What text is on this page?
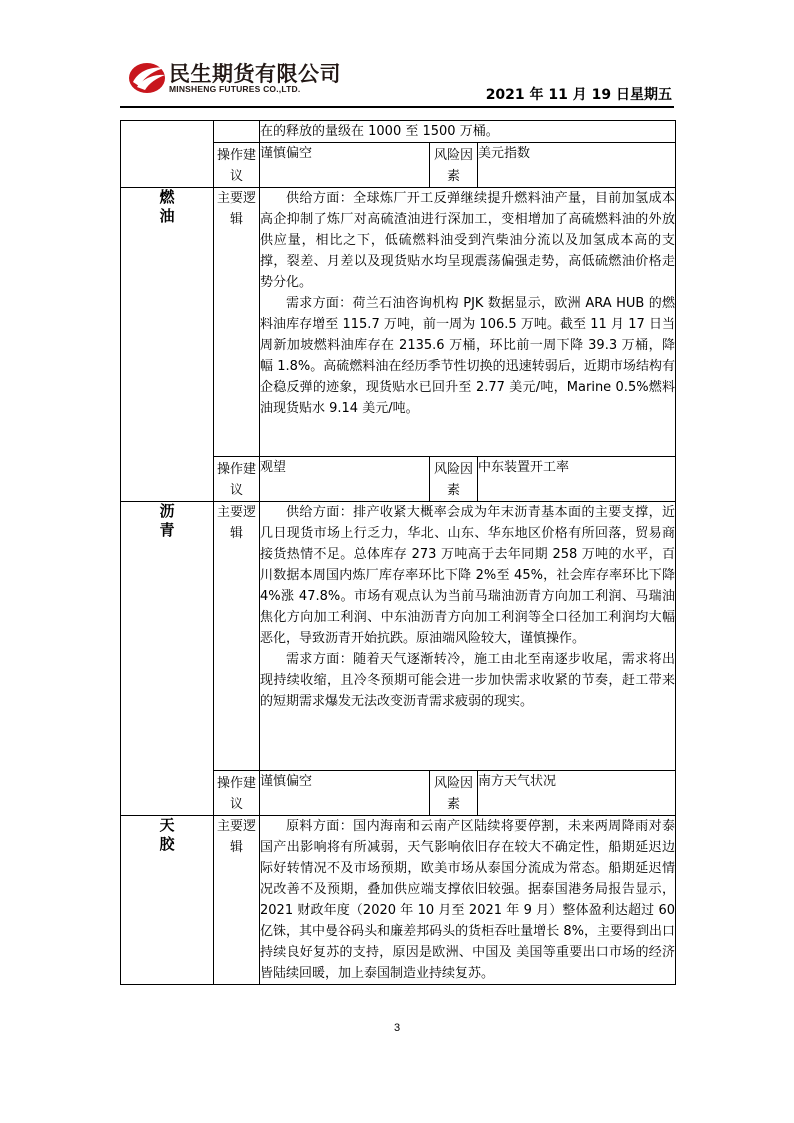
民生期货有限公司
MINSHENG FUTURES CO.,LTD.	2021 年 11 月 19 日星期五

		在的释放的量级在 1000 至 1500 万桶。		

	操作建议	谨慎偏空	风险因素	美元指数
燃油	主要逻辑	供给方面：全球炼厂开工反弹继续提升燃料油产量，目前加氢成本高企抑制了炼厂对高硫渣油进行深加工，变相增加了高硫燃料油的外放供应量，相比之下，低硫燃料油受到汽柴油分流以及加氢成本高的支撑，裂差、月差以及现货贴水均呈现震荡偏强走势，高低硫燃油价格走势分化。

需求方面：荷兰石油咨询机构 PJK 数据显示，欧洲 ARA HUB 的燃料油库存增至 115.7 万吨，前一周为 106.5 万吨。截至 11 月 17 日当周新加坡燃料油库存在 2135.6 万桶，环比前一周下降 39.3 万桶，降幅 1.8%。高硫燃料油在经历季节性切换的迅速转弱后，近期市场结构有企稳反弹的迹象，现货贴水已回升至 2.77 美元/吨，Marine 0.5%燃料油现货贴水 9.14 美元/吨。		

	操作建议	观望	风险因素	中东装置开工率
沥青	主要逻辑	供给方面：排产收紧大概率会成为年末沥青基本面的主要支撑，近几日现货市场上行乏力，华北、山东、华东地区价格有所回落，贸易商接货热情不足。总体库存 273 万吨高于去年同期 258 万吨的水平，百川数据本周国内炼厂库存率环比下降 2%至 45%，社会库存率环比下降 4%涨 47.8%。市场有观点认为当前马瑞油沥青方向加工利润、马瑞油焦化方向加工利润、中东油沥青方向加工利润等全口径加工利润均大幅恶化，导致沥青开始抗跌。原油端风险较大，谨慎操作。

需求方面：随着天气逐渐转冷，施工由北至南逐步收尾，需求将出现持续收缩，且冷冬预期可能会进一步加快需求收紧的节奏，赶工带来的短期需求爆发无法改变沥青需求疲弱的现实。		

	操作建议	谨慎偏空	风险因素	南方天气状况
天胶	主要逻辑	原料方面：国内海南和云南产区陆续将要停割，未来两周降雨对泰国产出影响将有所减弱，天气影响依旧存在较大不确定性，船期延迟边际好转情况不及市场预期，欧美市场从泰国分流成为常态。船期延迟情况改善不及预期，叠加供应端支撑依旧较强。据泰国港务局报告显示，2021 财政年度（2020 年 10 月至 2021 年 9 月）整体盈利达超过 60 亿铢，其中曼谷码头和廉差邦码头的货柜吞吐量增长 8%，主要得到出口持续良好复苏的支持，原因是欧洲、中国及 美国等重要出口市场的经济皆陆续回暖，加上泰国制造业持续复苏。		

3
